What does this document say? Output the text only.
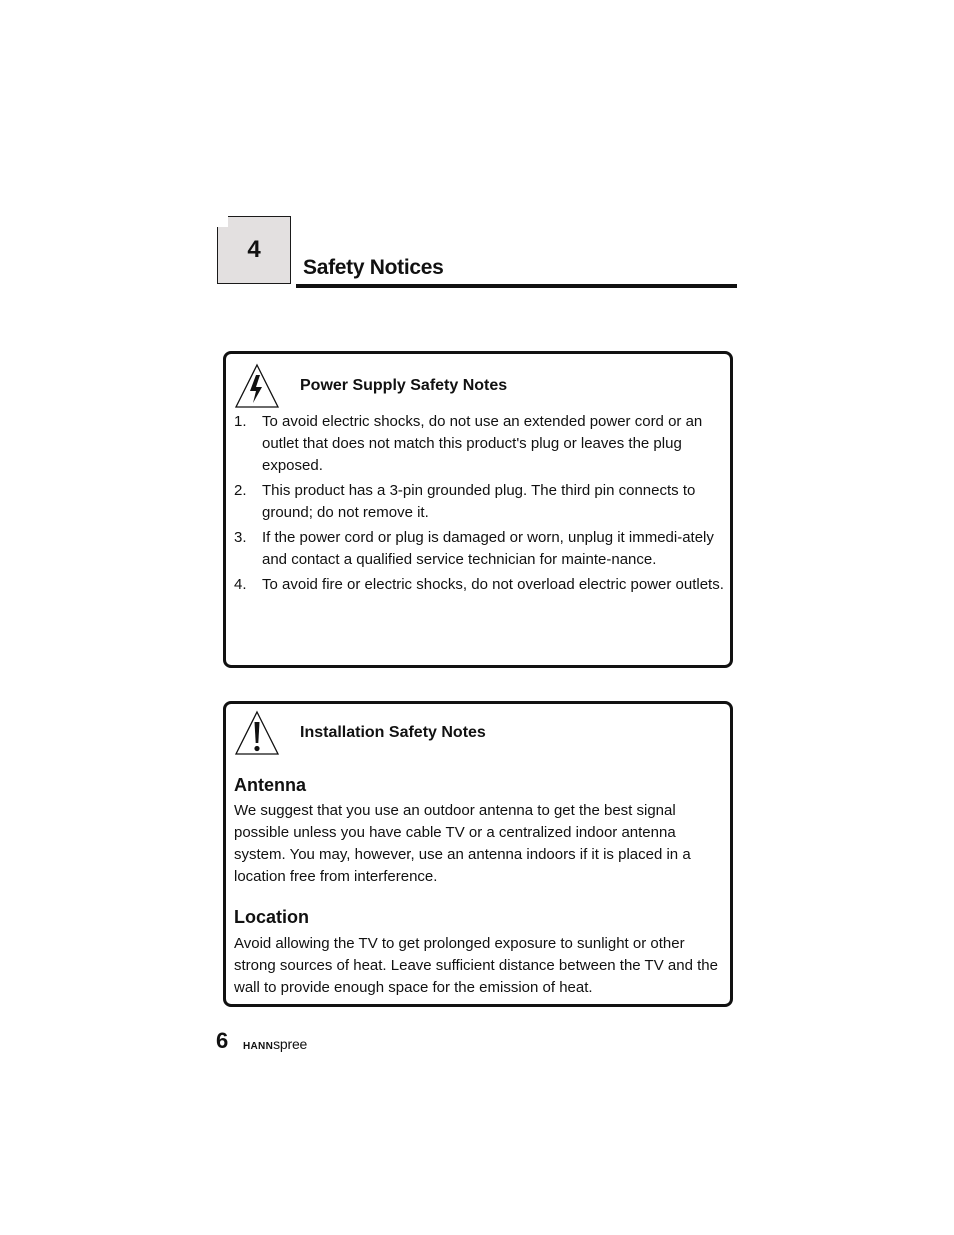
4
Safety Notices
Power Supply Safety Notes
1. To avoid electric shocks, do not use an extended power cord or an outlet that does not match this product's plug or leaves the plug exposed.
2. This product has a 3-pin grounded plug. The third pin connects to ground; do not remove it.
3. If the power cord or plug is damaged or worn, unplug it immedi-ately and contact a qualified service technician for mainte-nance.
4. To avoid fire or electric shocks, do not overload electric power outlets.
Installation Safety Notes
Antenna

We suggest that you use an outdoor antenna to get the best signal possible unless you have cable TV or a centralized indoor antenna system. You may, however, use an antenna indoors if it is placed in a location free from interference.

Location

Avoid allowing the TV to get prolonged exposure to sunlight or other strong sources of heat. Leave sufficient distance between the TV and the wall to provide enough space for the emission of heat.

6 HANNspree
